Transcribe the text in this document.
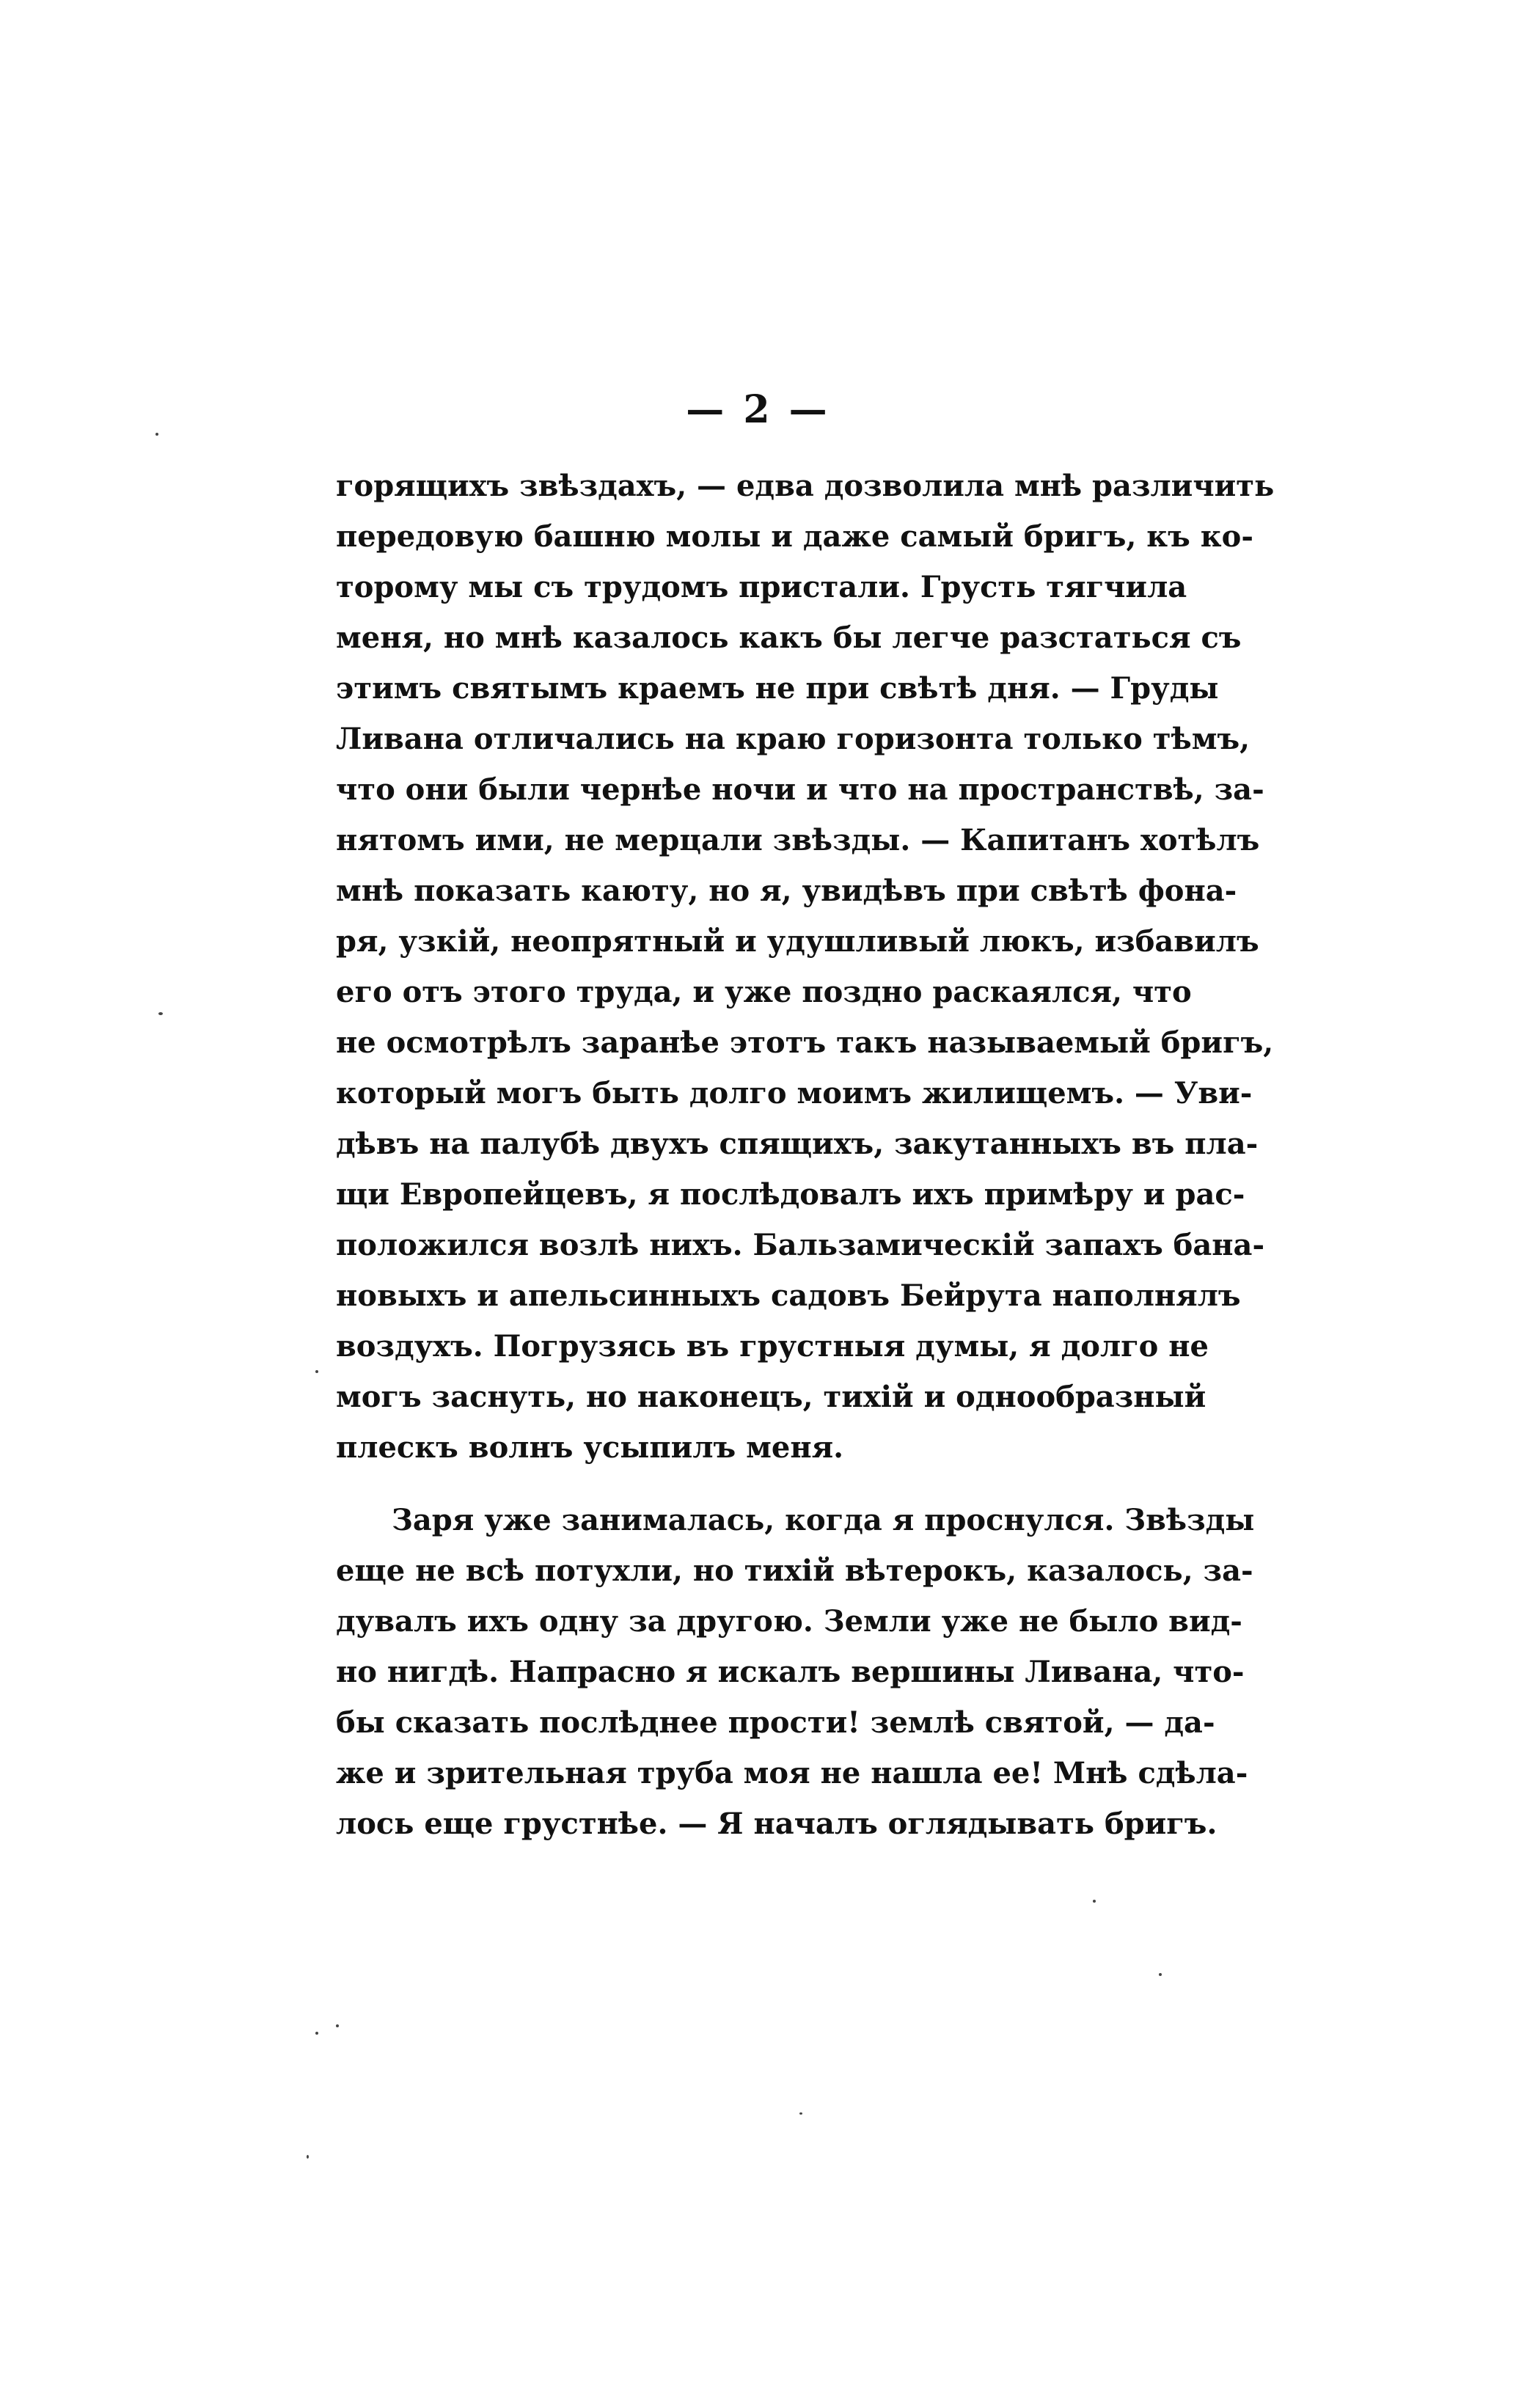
— 2 —
горящихъ звѣздахъ, — едва дозволила мнѣ различить
передовую башню молы и даже самый бригъ, къ ко-
торому мы съ трудомъ пристали. Грусть тягчила
меня, но мнѣ казалось какъ бы легче разстаться съ
этимъ святымъ краемъ не при свѣтѣ дня. — Груды
Ливана отличались на краю горизонта только тѣмъ,
что они были чернѣе ночи и что на пространствѣ, за-
нятомъ ими, не мерцали звѣзды. — Капитанъ хотѣлъ
мнѣ показать каюту, но я, увидѣвъ при свѣтѣ фона-
ря, узкій, неопрятный и удушливый люкъ, избавилъ
его отъ этого труда, и уже поздно раскаялся, что
не осмотрѣлъ заранѣе этотъ такъ называемый бригъ,
который могъ быть долго моимъ жилищемъ. — Уви-
дѣвъ на палубѣ двухъ спящихъ, закутанныхъ въ пла-
щи Европейцевъ, я послѣдовалъ ихъ примѣру и рас-
положился возлѣ нихъ. Бальзамическій запахъ бана-
новыхъ и апельсинныхъ садовъ Бейрута наполнялъ
воздухъ. Погрузясь въ грустныя думы, я долго не
могъ заснуть, но наконецъ, тихій и однообразный
плескъ волнъ усыпилъ меня.
Заря уже занималась, когда я проснулся. Звѣзды
еще не всѣ потухли, но тихій вѣтерокъ, казалось, за-
дувалъ ихъ одну за другою. Земли уже не было вид-
но нигдѣ. Напрасно я искалъ вершины Ливана, что-
бы сказать послѣднее прости! землѣ святой, — да-
же и зрительная труба моя не нашла ее! Мнѣ сдѣла-
лось еще грустнѣе. — Я началъ оглядывать бригъ.
